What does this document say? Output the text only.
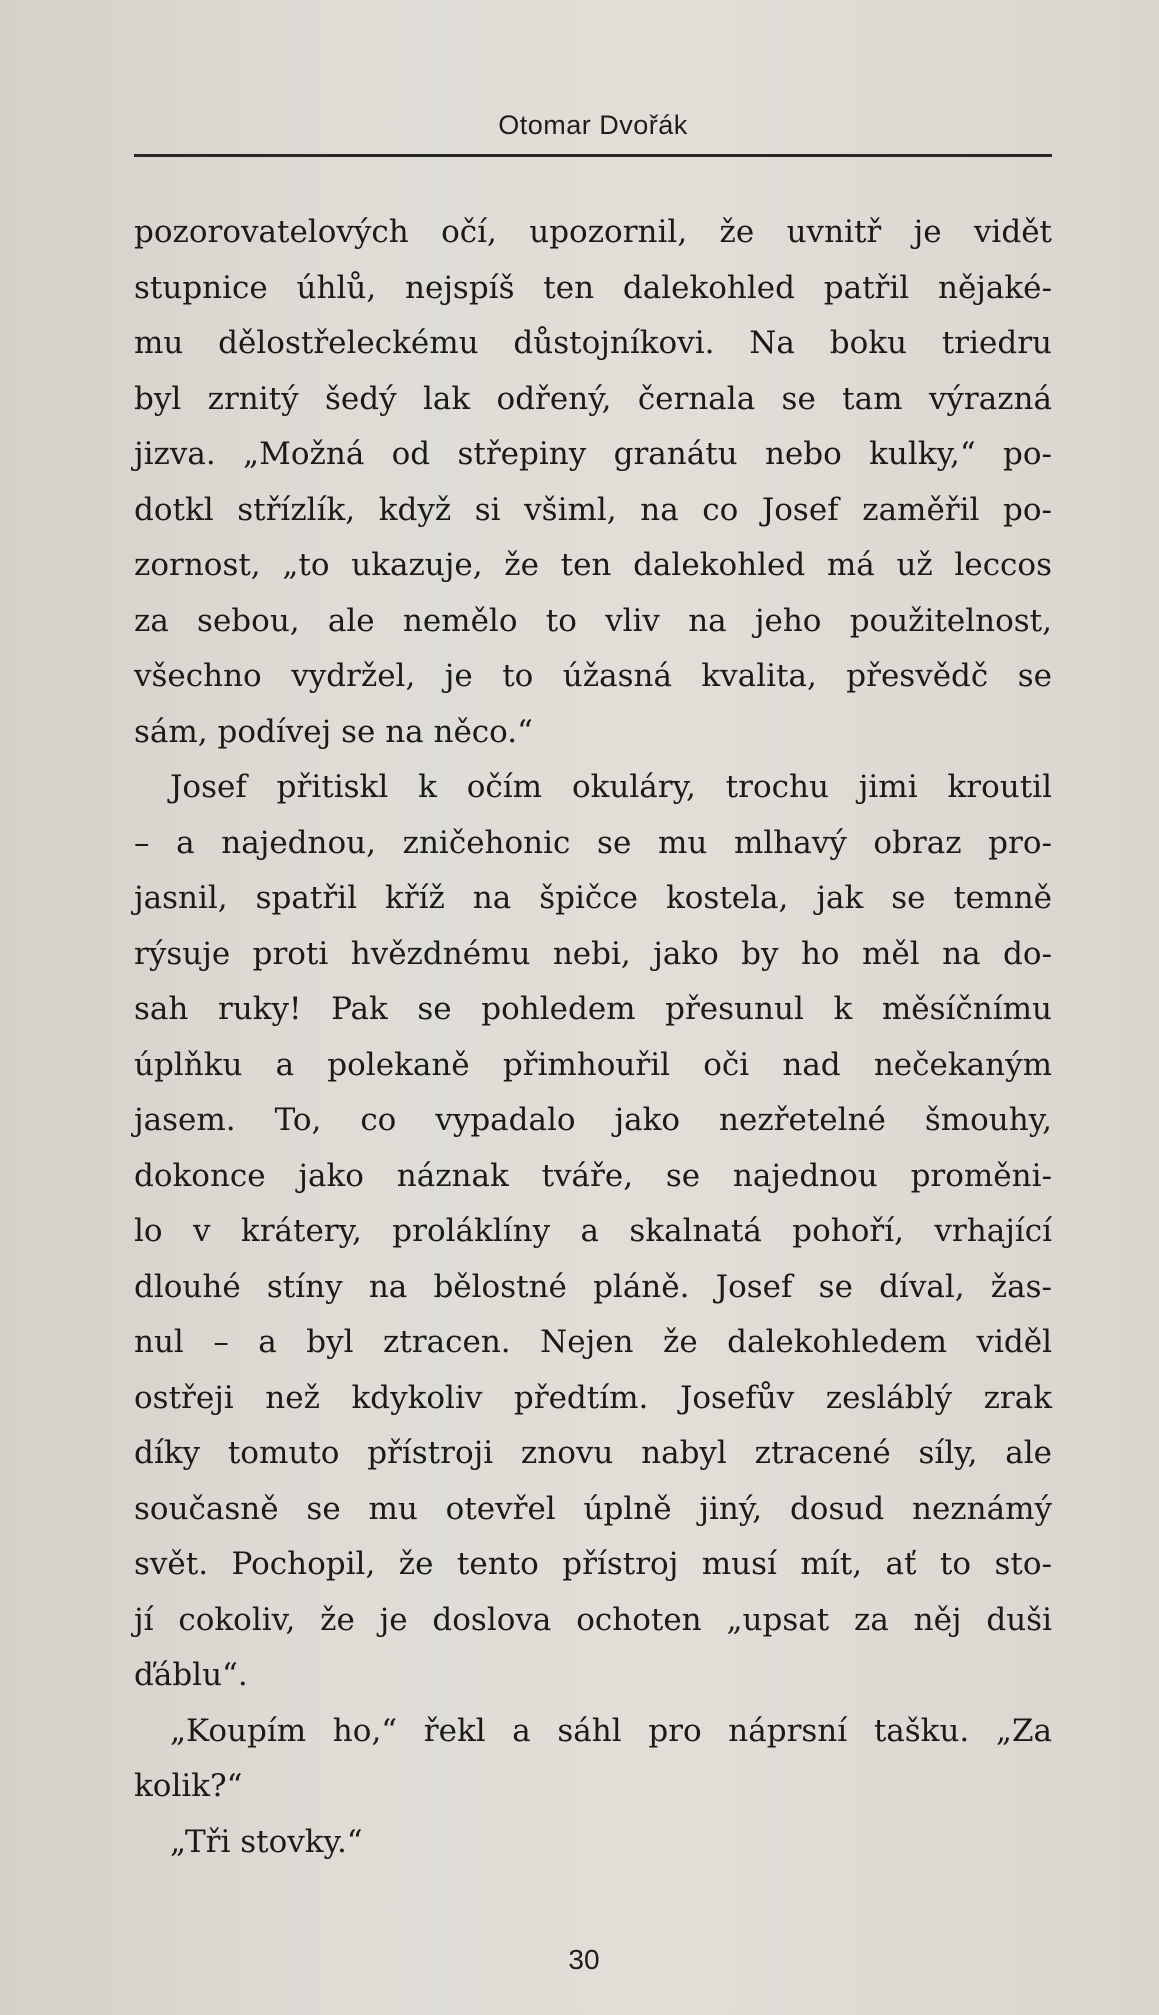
Otomar Dvořák
pozorovatelových očí, upozornil, že uvnitř je vidět
stupnice úhlů, nejspíš ten dalekohled patřil nějaké-
mu dělostřeleckému důstojníkovi. Na boku triedru
byl zrnitý šedý lak odřený, černala se tam výrazná
jizva. „Možná od střepiny granátu nebo kulky,“ po-
dotkl střízlík, když si všiml, na co Josef zaměřil po-
zornost, „to ukazuje, že ten dalekohled má už leccos
za sebou, ale nemělo to vliv na jeho použitelnost,
všechno vydržel, je to úžasná kvalita, přesvědč se
sám, podívej se na něco.“
Josef přitiskl k očím okuláry, trochu jimi kroutil
– a najednou, zničehonic se mu mlhavý obraz pro-
jasnil, spatřil kříž na špičce kostela, jak se temně
rýsuje proti hvězdnému nebi, jako by ho měl na do-
sah ruky! Pak se pohledem přesunul k měsíčnímu
úplňku a polekaně přimhouřil oči nad nečekaným
jasem. To, co vypadalo jako nezřetelné šmouhy,
dokonce jako náznak tváře, se najednou proměni-
lo v krátery, proláklíny a skalnatá pohoří, vrhající
dlouhé stíny na bělostné pláně. Josef se díval, žas-
nul – a byl ztracen. Nejen že dalekohledem viděl
ostřeji než kdykoliv předtím. Josefův zesláblý zrak
díky tomuto přístroji znovu nabyl ztracené síly, ale
současně se mu otevřel úplně jiný, dosud neznámý
svět. Pochopil, že tento přístroj musí mít, ať to sto-
jí cokoliv, že je doslova ochoten „upsat za něj duši
ďáblu“.
„Koupím ho,“ řekl a sáhl pro náprsní tašku. „Za
kolik?“
„Tři stovky.“
30
